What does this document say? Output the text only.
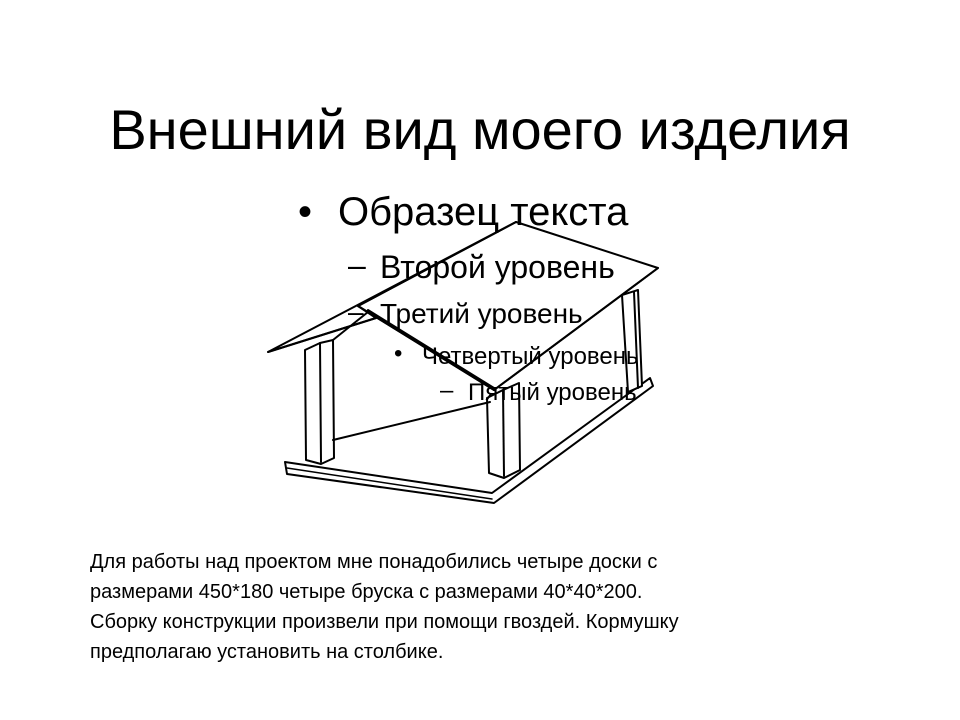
Внешний вид моего изделия
• Образец текста
– Второй уровень
– Третий уровень
• Четвертый уровень
– Пятый уровень
Для работы над проектом мне понадобились четыре доски с
размерами 450*180 четыре бруска с размерами 40*40*200.
Сборку конструкции произвели при помощи гвоздей. Кормушку
предполагаю установить на столбике.
